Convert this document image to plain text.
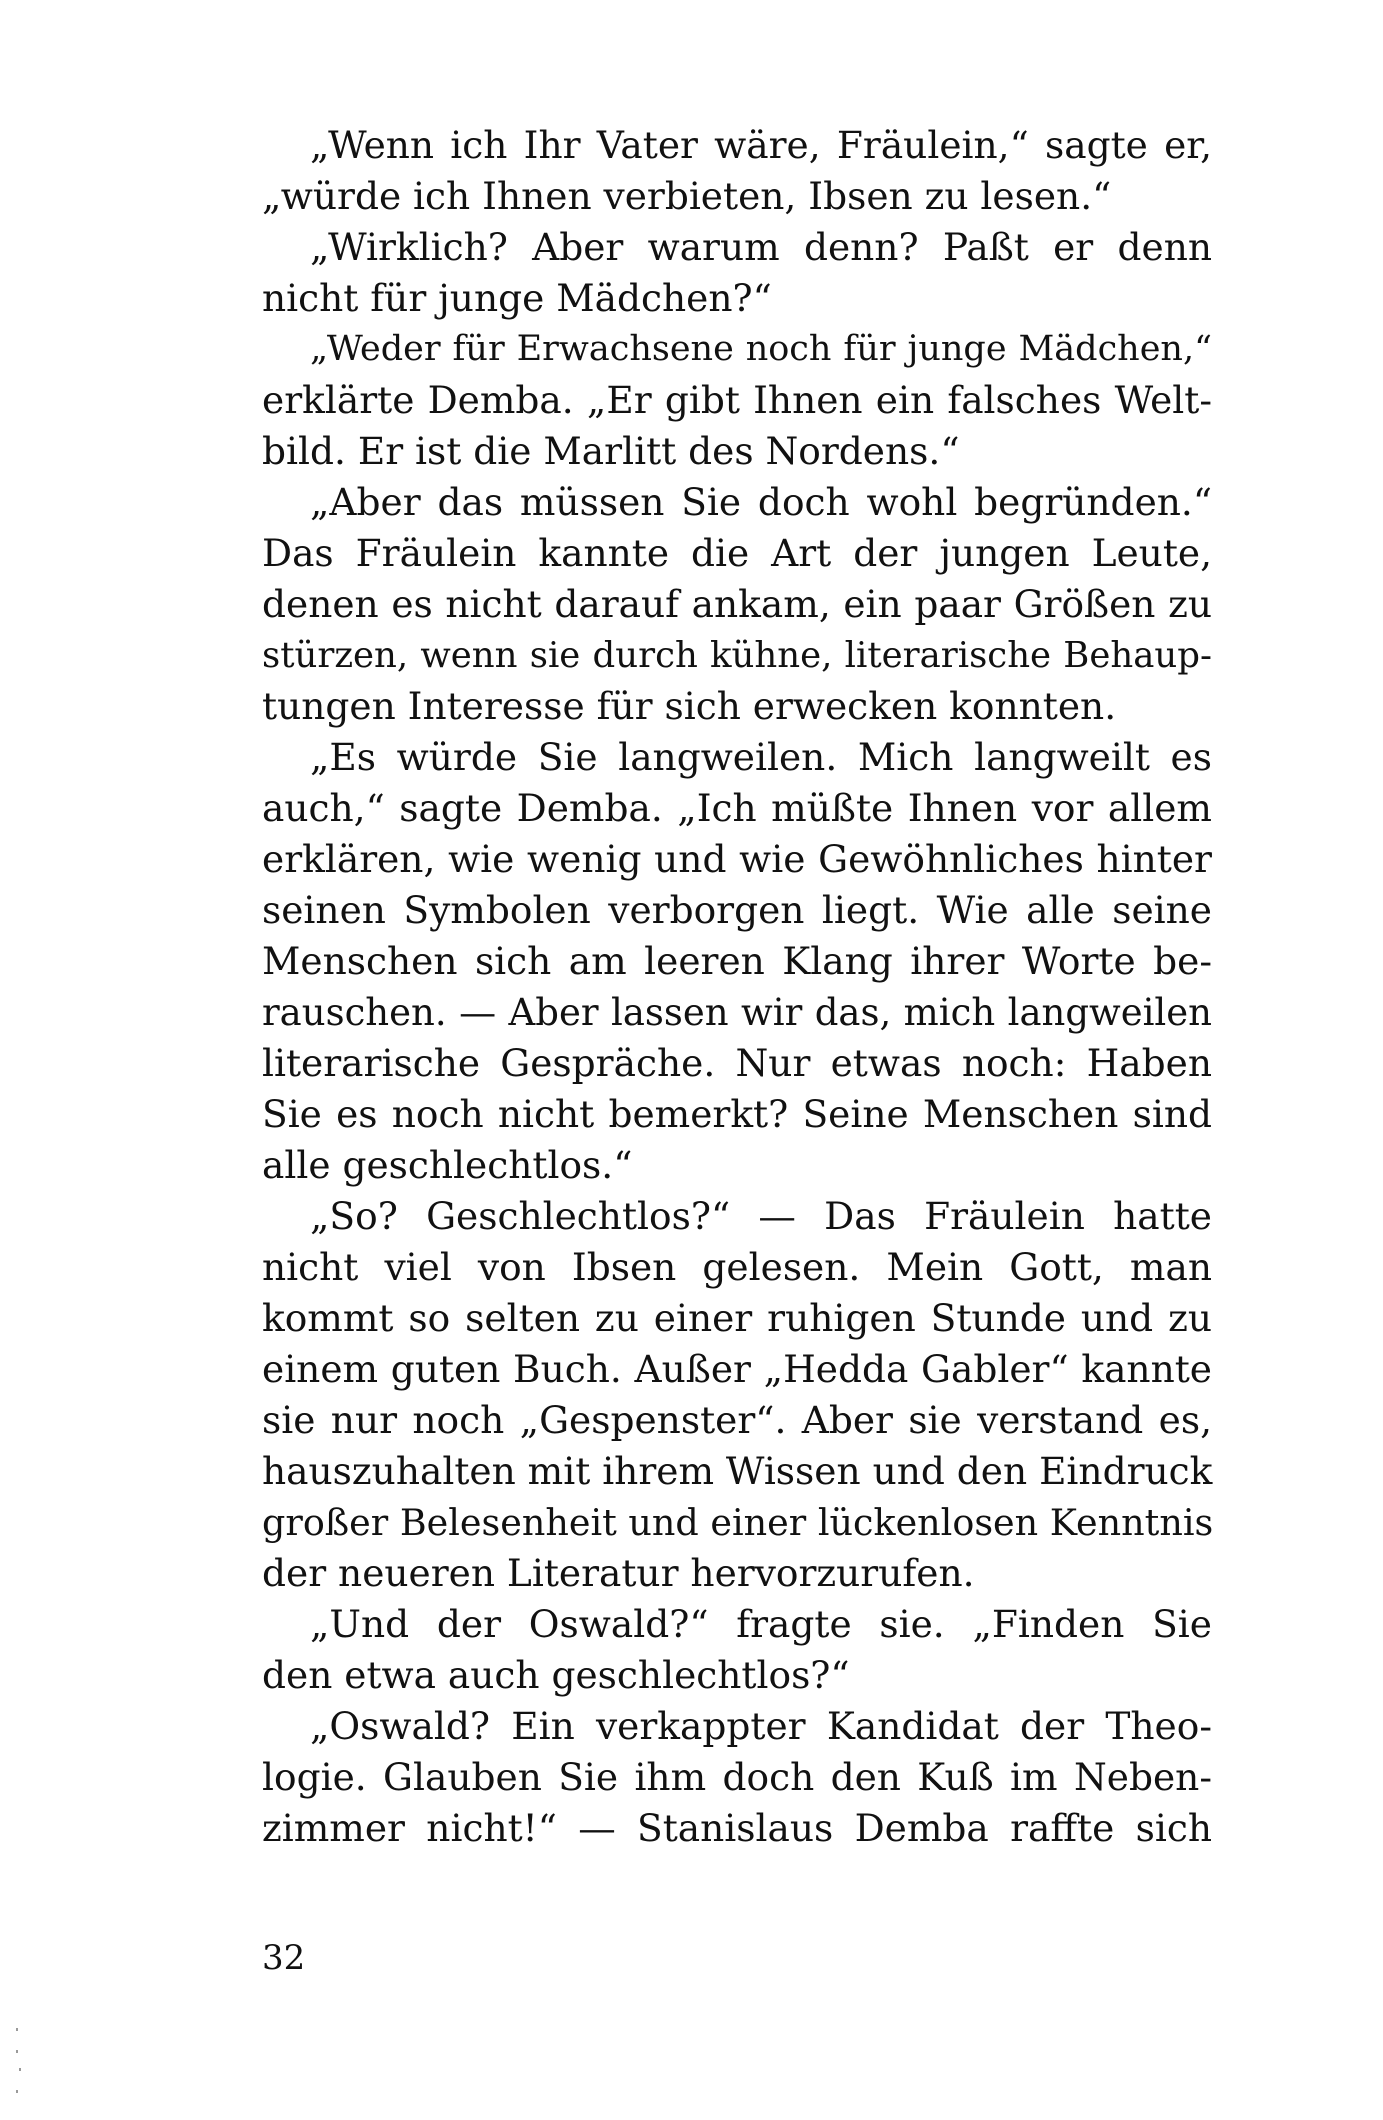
„Wenn ich Ihr Vater wäre, Fräulein,“ sagte er,
„würde ich Ihnen verbieten, Ibsen zu lesen.“
„Wirklich? Aber warum denn? Paßt er denn
nicht für junge Mädchen?“
„Weder für Erwachsene noch für junge Mädchen,“
erklärte Demba. „Er gibt Ihnen ein falsches Welt-
bild. Er ist die Marlitt des Nordens.“
„Aber das müssen Sie doch wohl begründen.“
Das Fräulein kannte die Art der jungen Leute,
denen es nicht darauf ankam, ein paar Größen zu
stürzen, wenn sie durch kühne, literarische Behaup-
tungen Interesse für sich erwecken konnten.
„Es würde Sie langweilen. Mich langweilt es
auch,“ sagte Demba. „Ich müßte Ihnen vor allem
erklären, wie wenig und wie Gewöhnliches hinter
seinen Symbolen verborgen liegt. Wie alle seine
Menschen sich am leeren Klang ihrer Worte be-
rauschen. — Aber lassen wir das, mich langweilen
literarische Gespräche. Nur etwas noch: Haben
Sie es noch nicht bemerkt? Seine Menschen sind
alle geschlechtlos.“
„So? Geschlechtlos?“ — Das Fräulein hatte
nicht viel von Ibsen gelesen. Mein Gott, man
kommt so selten zu einer ruhigen Stunde und zu
einem guten Buch. Außer „Hedda Gabler“ kannte
sie nur noch „Gespenster“. Aber sie verstand es,
hauszuhalten mit ihrem Wissen und den Eindruck
großer Belesenheit und einer lückenlosen Kenntnis
der neueren Literatur hervorzurufen.
„Und der Oswald?“ fragte sie. „Finden Sie
den etwa auch geschlechtlos?“
„Oswald? Ein verkappter Kandidat der Theo-
logie. Glauben Sie ihm doch den Kuß im Neben-
zimmer nicht!“ — Stanislaus Demba raffte sich
32
